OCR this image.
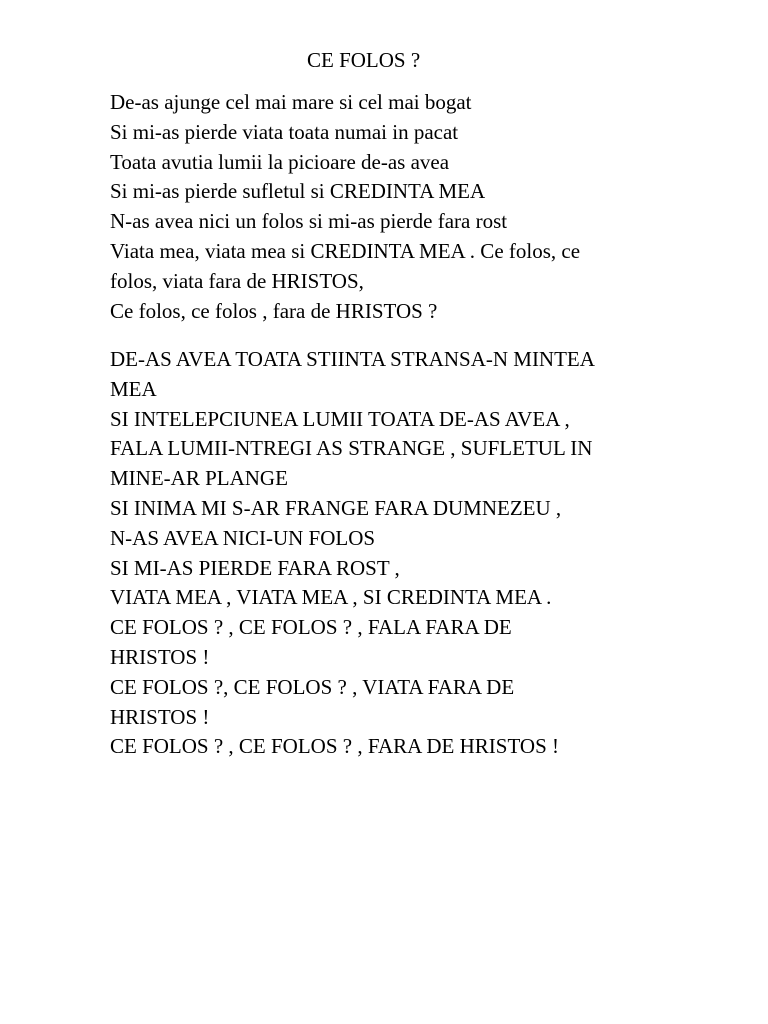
CE FOLOS ?
De-as ajunge cel mai mare si cel mai bogat
Si mi-as pierde viata toata numai in pacat
Toata avutia lumii la picioare de-as avea
Si mi-as pierde sufletul si CREDINTA MEA
N-as avea nici un folos si mi-as pierde fara rost
Viata mea, viata mea si CREDINTA MEA . Ce folos, ce
folos, viata fara de HRISTOS,
Ce folos, ce folos , fara de HRISTOS ?
DE-AS AVEA TOATA STIINTA STRANSA-N MINTEA
MEA
SI INTELEPCIUNEA LUMII TOATA DE-AS AVEA ,
FALA LUMII-NTREGI AS STRANGE , SUFLETUL IN
MINE-AR PLANGE
SI INIMA MI S-AR FRANGE FARA DUMNEZEU ,
N-AS AVEA NICI-UN FOLOS
SI MI-AS PIERDE FARA ROST ,
VIATA MEA , VIATA MEA , SI CREDINTA MEA .
CE FOLOS ? , CE FOLOS ? , FALA FARA DE
HRISTOS !
CE FOLOS ?, CE FOLOS ? , VIATA FARA DE
HRISTOS !
CE FOLOS ? , CE FOLOS ? , FARA DE HRISTOS !
